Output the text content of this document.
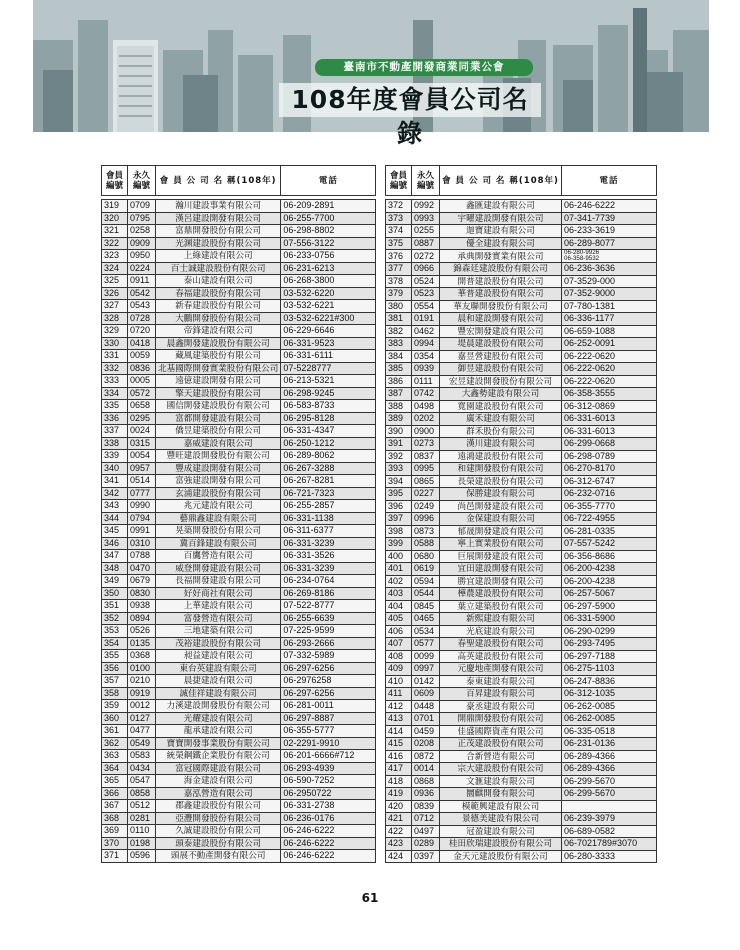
臺南市不動產開發商業同業公會
108年度會員公司名錄
會員
編號	永久
編號	會 員 公 司 名 稱(108年)	電話

319	0709	瀚川建設事業有限公司	06-209-2891
320	0795	漢呂建設開發有限公司	06-255-7700
321	0258	富鼎開發股份有限公司	06-298-8802
322	0909	光渊建設股份有限公司	07-556-3122
323	0950	上綠建設有限公司	06-233-0756
324	0224	百士誠建設股份有限公司	06-231-6213
325	0911	泰山建設有限公司	06-268-3800
326	0542	春福建設股份有限公司	03-532-6220
327	0543	新春建設股份有限公司	03-532-6221
328	0728	大鵬開發股份有限公司	03-532-6221#300
329	0720	帝鋒建設有限公司	06-229-6646
330	0418	晨鑫開發建設股份有限公司	06-331-9523
331	0059	藏風建築股份有限公司	06-331-6111
332	0836	北基國際開發實業股份有限公司	07-5228777
333	0005	遠億建設開發有限公司	06-213-5321
334	0572	擎天建設股份有限公司	06-298-9245
335	0658	國信開發建設股份有限公司	06-583-8733
336	0295	富都開發建設有限公司	06-295-8128
337	0024	僑昱建築股份有限公司	06-331-4347
338	0315	嘉威建設有限公司	06-250-1212
339	0054	豐旺建設開發股份有限公司	06-289-8062
340	0957	豐成建設開發有限公司	06-267-3288
341	0514	富強建設開發有限公司	06-267-8281
342	0777	玄浦建設股份有限公司	06-721-7323
343	0990	兆元建設有限公司	06-255-2857
344	0794	藝鼎鑫建設有限公司	06-331-1138
345	0991	晃築開發股份有限公司	06-311-6377
346	0310	冀百鋒建設有限公司	06-331-3239
347	0788	百鷹營造有限公司	06-331-3526
348	0470	威登開發建設有限公司	06-331-3239
349	0679	長福開發建設有限公司	06-234-0764
350	0830	好好商社有限公司	06-269-8186
351	0938	上華建設有限公司	07-522-8777
352	0894	富發營造有限公司	06-255-6639
353	0526	三地建築有限公司	07-225-9599
354	0135	茂裕建設股份有限公司	06-293-2666
355	0368	昶益建設有限公司	07-332-5989
356	0100	東台英建設有限公司	06-297-6256
357	0210	晨捷建設有限公司	06-2976258
358	0919	誠佳祥建設有限公司	06-297-6256
359	0012	力溪建設開發股份有限公司	06-281-0011
360	0127	光耀建設有限公司	06-297-8887
361	0477	龍承建設有限公司	06-355-5777
362	0549	寶寶開發事業股份有限公司	02-2291-9910
363	0583	統榮鋼鐵企業股份有限公司	06-201-6666#712
364	0434	富冠國際建設有限公司	06-293-4939
365	0547	海金建設有限公司	06-590-7252
366	0858	嘉泓營造有限公司	06-2950722
367	0512	郡鑫建設股份有限公司	06-331-2738
368	0281	亞灃開發股份有限公司	06-236-0176
369	0110	久誠建設股份有限公司	06-246-6222
370	0198	頭泰建設股份有限公司	06-246-6222
371	0596	頭展不動產開發有限公司	06-246-6222
會員
編號	永久
編號	會 員 公 司 名 稱(108年)	電話

372	0992	鑫匯建設有限公司	06-246-6222
373	0993	宇曜建設開發有限公司	07-341-7739
374	0255	迦寶建設有限公司	06-233-3619
375	0887	優全建設有限公司	06-289-8077
376	0272	承典開發實業有限公司	06-280-9926
06-358-9532
377	0966	錦森廷建設股份有限公司	06-236-3636
378	0524	開普建設股份有限公司	07-3529-000
379	0523	華普建設股份有限公司	07-352-9000
380	0554	華友聯開發股份有限公司	07-780-1381
381	0191	晨和建設開發有限公司	06-336-1177
382	0462	豐宏開發建設有限公司	06-659-1088
383	0994	堤晨建設股份有限公司	06-252-0091
384	0354	嘉昱營建股份有限公司	06-222-0620
385	0939	御昱建設股份有限公司	06-222-0620
386	0111	宏昱建設開發股份有限公司	06-222-0620
387	0742	大鑫勢建設有限公司	06-358-3555
388	0498	寬園建設股份有限公司	06-312-0869
389	0202	廣禾建設有限公司	06-331-6013
390	0900	群禾股份有限公司	06-331-6013
391	0273	漢川建設有限公司	06-299-0668
392	0837	遠鴻建設股份有限公司	06-298-0789
393	0995	和建開發股份有限公司	06-270-8170
394	0865	長榮建設股份有限公司	06-312-6747
395	0227	保勝建設有限公司	06-232-0716
396	0249	尚邑開發建設有限公司	06-355-7770
397	0996	金保建設有限公司	06-722-4955
398	0873	郁晟開發建設有限公司	06-281-0335
399	0588	寧上實業股份有限公司	07-557-5242
400	0680	巨展開發建設有限公司	06-356-8686
401	0619	宜田建設開發有限公司	06-200-4238
402	0594	勝宜建設開發有限公司	06-200-4238
403	0544	樺農建設股份有限公司	06-257-5067
404	0845	葉立建築股份有限公司	06-297-5900
405	0465	新熙建設有限公司	06-331-5900
406	0534	光底建設有限公司	06-290-0299
407	0577	春聖建設股份有限公司	06-293-7495
408	0099	高英建設股份有限公司	06-297-7188
409	0997	元慶地產開發有限公司	06-275-1103
410	0142	泰東建設有限公司	06-247-8836
411	0609	百昇建設有限公司	06-312-1035
412	0448	豪丞建設有限公司	06-262-0085
413	0701	開鼎開發股份有限公司	06-262-0085
414	0459	佳盛國際資產有限公司	06-335-0518
415	0208	正茂建設股份有限公司	06-231-0136
416	0872	合新營造有限公司	06-289-4366
417	0014	宗大建設股份有限公司	06-289-4366
418	0868	文滙建設有限公司	06-299-5670
419	0936	圜麒開發有限公司	06-299-5670
420	0839	模範興建設有限公司	
421	0712	景德美建設有限公司	06-239-3979
422	0497	冠盈建設有限公司	06-689-0582
423	0289	桂田欣瑞建設股份有限公司	06-7021789#3070
424	0397	金天元建設股份有限公司	06-280-3333
61
